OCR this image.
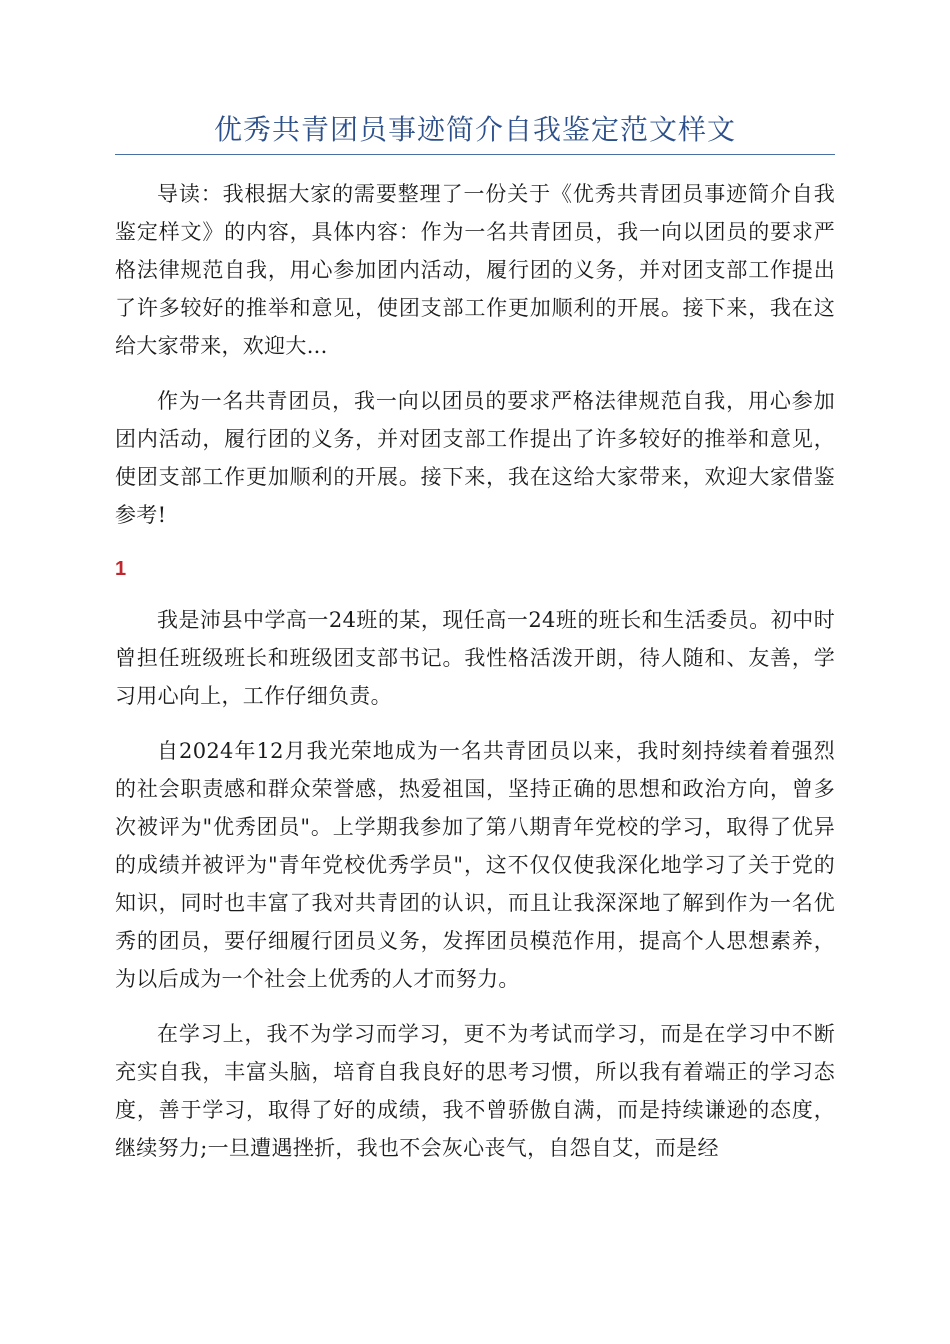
优秀共青团员事迹简介自我鉴定范文样文

导读：我根据大家的需要整理了一份关于《优秀共青团员事迹简介自我鉴定样文》的内容，具体内容：作为一名共青团员，我一向以团员的要求严格法律规范自我，用心参加团内活动，履行团的义务，并对团支部工作提出了许多较好的推举和意见，使团支部工作更加顺利的开展。接下来，我在这给大家带来，欢迎大...

作为一名共青团员，我一向以团员的要求严格法律规范自我，用心参加团内活动，履行团的义务，并对团支部工作提出了许多较好的推举和意见，使团支部工作更加顺利的开展。接下来，我在这给大家带来，欢迎大家借鉴参考!

1

我是沛县中学高一24班的某，现任高一24班的班长和生活委员。初中时曾担任班级班长和班级团支部书记。我性格活泼开朗，待人随和、友善，学习用心向上，工作仔细负责。

自2024年12月我光荣地成为一名共青团员以来，我时刻持续着着强烈的社会职责感和群众荣誉感，热爱祖国，坚持正确的思想和政治方向，曾多次被评为"优秀团员"。上学期我参加了第八期青年党校的学习，取得了优异的成绩并被评为"青年党校优秀学员"，这不仅仅使我深化地学习了关于党的知识，同时也丰富了我对共青团的认识，而且让我深深地了解到作为一名优秀的团员，要仔细履行团员义务，发挥团员模范作用，提高个人思想素养，为以后成为一个社会上优秀的人才而努力。

在学习上，我不为学习而学习，更不为考试而学习，而是在学习中不断充实自我，丰富头脑，培育自我良好的思考习惯，所以我有着端正的学习态度，善于学习，取得了好的成绩，我不曾骄傲自满，而是持续谦逊的态度，继续努力;一旦遭遇挫折，我也不会灰心丧气，自怨自艾，而是经
